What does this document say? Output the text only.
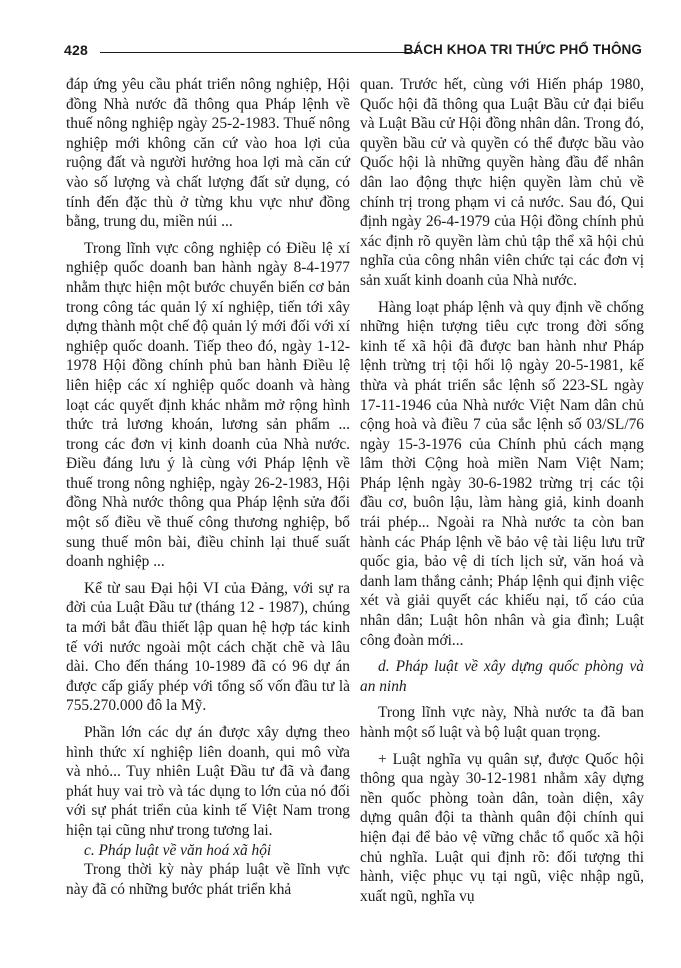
428	BÁCH KHOA TRI THỨC PHỔ THÔNG

đáp ứng yêu cầu phát triển nông nghiệp, Hội đồng Nhà nước đã thông qua Pháp lệnh về thuế nông nghiệp ngày 25-2-1983. Thuế nông nghiệp mới không căn cứ vào hoa lợi của ruộng đất và người hưởng hoa lợi mà căn cứ vào số lượng và chất lượng đất sử dụng, có tính đến đặc thù ở từng khu vực như đồng bằng, trung du, miền núi ...

Trong lĩnh vực công nghiệp có Điều lệ xí nghiệp quốc doanh ban hành ngày 8-4-1977 nhằm thực hiện một bước chuyển biến cơ bản trong công tác quản lý xí nghiệp, tiến tới xây dựng thành một chế độ quản lý mới đối với xí nghiệp quốc doanh. Tiếp theo đó, ngày 1-12-1978 Hội đồng chính phủ ban hành Điều lệ liên hiệp các xí nghiệp quốc doanh và hàng loạt các quyết định khác nhằm mở rộng hình thức trả lương khoán, lương sản phẩm ... trong các đơn vị kinh doanh của Nhà nước. Điều đáng lưu ý là cùng với Pháp lệnh về thuế trong nông nghiệp, ngày 26-2-1983, Hội đồng Nhà nước thông qua Pháp lệnh sửa đổi một số điều về thuế công thương nghiệp, bổ sung thuế môn bài, điều chỉnh lại thuế suất doanh nghiệp ...

Kể từ sau Đại hội VI của Đảng, với sự ra đời của Luật Đầu tư (tháng 12 - 1987), chúng ta mới bắt đầu thiết lập quan hệ hợp tác kinh tế với nước ngoài một cách chặt chẽ và lâu dài. Cho đến tháng 10-1989 đã có 96 dự án được cấp giấy phép với tổng số vốn đầu tư là 755.270.000 đô la Mỹ.

Phần lớn các dự án được xây dựng theo hình thức xí nghiệp liên doanh, qui mô vừa và nhỏ... Tuy nhiên Luật Đầu tư đã và đang phát huy vai trò và tác dụng to lớn của nó đối với sự phát triển của kinh tế Việt Nam trong hiện tại cũng như trong tương lai.

c. Pháp luật về văn hoá xã hội

Trong thời kỳ này pháp luật về lĩnh vực này đã có những bước phát triển khả

quan. Trước hết, cùng với Hiến pháp 1980, Quốc hội đã thông qua Luật Bầu cử đại biểu và Luật Bầu cử Hội đồng nhân dân. Trong đó, quyền bầu cử và quyền có thể được bầu vào Quốc hội là những quyền hàng đầu để nhân dân lao động thực hiện quyền làm chủ về chính trị trong phạm vi cả nước. Sau đó, Qui định ngày 26-4-1979 của Hội đồng chính phủ xác định rõ quyền làm chủ tập thể xã hội chủ nghĩa của công nhân viên chức tại các đơn vị sản xuất kinh doanh của Nhà nước.

Hàng loạt pháp lệnh và quy định về chống những hiện tượng tiêu cực trong đời sống kinh tế xã hội đã được ban hành như Pháp lệnh trừng trị tội hối lộ ngày 20-5-1981, kế thừa và phát triển sắc lệnh số 223-SL ngày 17-11-1946 của Nhà nước Việt Nam dân chủ cộng hoà và điều 7 của sắc lệnh số 03/SL/76 ngày 15-3-1976 của Chính phủ cách mạng lâm thời Cộng hoà miền Nam Việt Nam; Pháp lệnh ngày 30-6-1982 trừng trị các tội đầu cơ, buôn lậu, làm hàng giả, kinh doanh trái phép... Ngoài ra Nhà nước ta còn ban hành các Pháp lệnh về bảo vệ tài liệu lưu trữ quốc gia, bảo vệ di tích lịch sử, văn hoá và danh lam thắng cảnh; Pháp lệnh qui định việc xét và giải quyết các khiếu nại, tố cáo của nhân dân; Luật hôn nhân và gia đình; Luật công đoàn mới...

d. Pháp luật về xây dựng quốc phòng và an ninh

Trong lĩnh vực này, Nhà nước ta đã ban hành một số luật và bộ luật quan trọng.

+ Luật nghĩa vụ quân sự, được Quốc hội thông qua ngày 30-12-1981 nhằm xây dựng nền quốc phòng toàn dân, toàn diện, xây dựng quân đội ta thành quân đội chính qui hiện đại để bảo vệ vững chắc tổ quốc xã hội chủ nghĩa. Luật qui định rõ: đối tượng thi hành, việc phục vụ tại ngũ, việc nhập ngũ, xuất ngũ, nghĩa vụ
